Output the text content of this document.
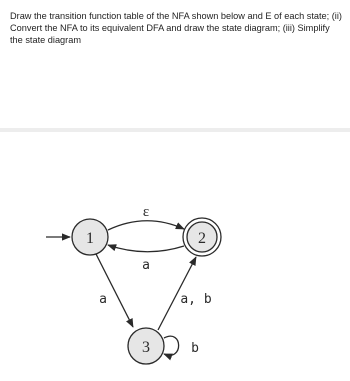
Draw the transition function table of the NFA shown below and E of each state; (ii) Convert the NFA to its equivalent DFA and draw the state diagram; (iii) Simplify the state diagram
1	2
3
ε
a
a	a, b
b
